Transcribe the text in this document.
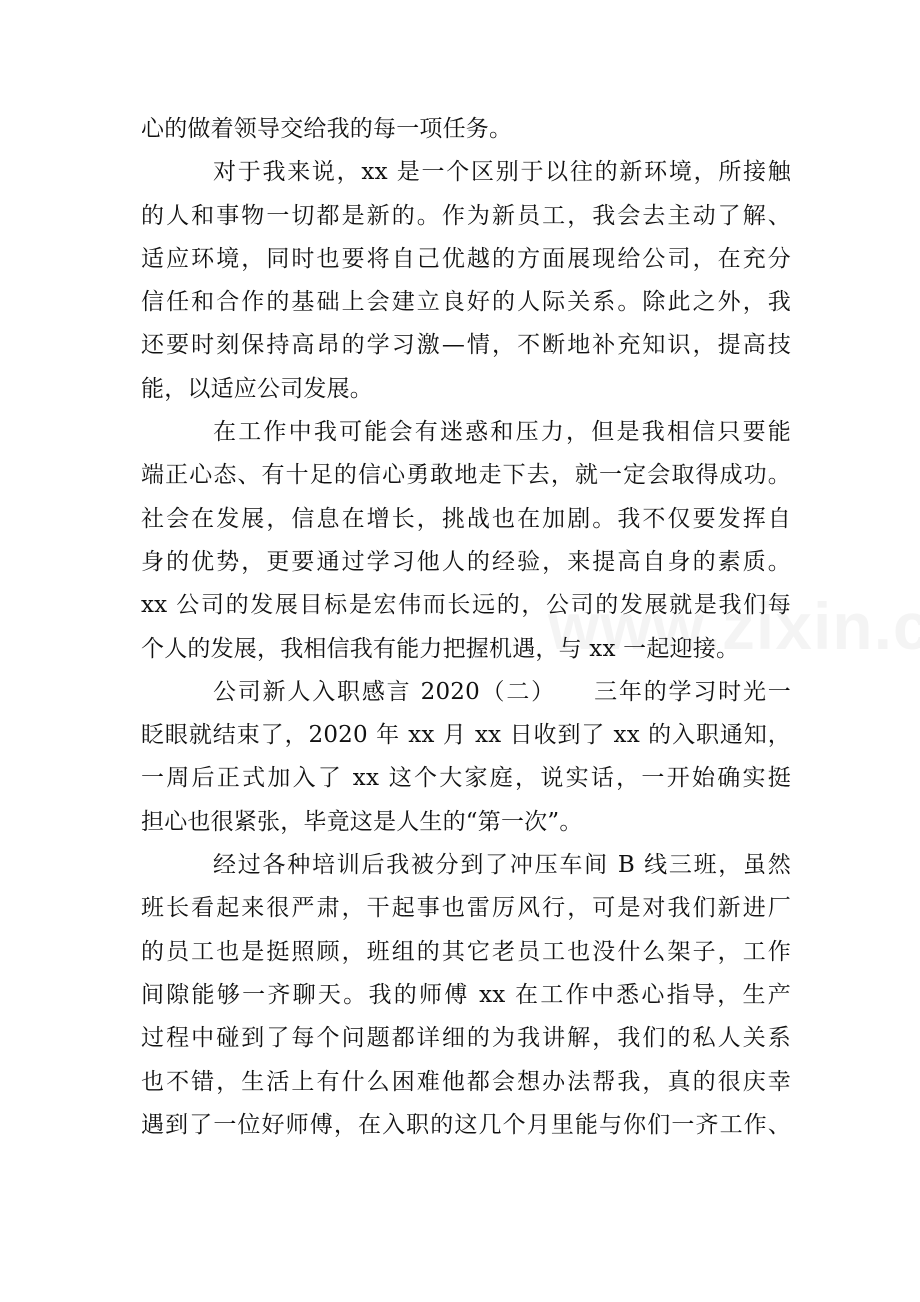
心的做着领导交给我的每一项任务。
对于我来说，xx 是一个区别于以往的新环境，所接触
的人和事物一切都是新的。作为新员工，我会去主动了解、
适应环境，同时也要将自己优越的方面展现给公司，在充分
信任和合作的基础上会建立良好的人际关系。除此之外，我
还要时刻保持高昂的学习激—情，不断地补充知识，提高技
能，以适应公司发展。
在工作中我可能会有迷惑和压力，但是我相信只要能
端正心态、有十足的信心勇敢地走下去，就一定会取得成功。
社会在发展，信息在增长，挑战也在加剧。我不仅要发挥自
身的优势，更要通过学习他人的经验，来提高自身的素质。
xx 公司的发展目标是宏伟而长远的，公司的发展就是我们每
个人的发展，我相信我有能力把握机遇，与 xx 一起迎接。
公司新人入职感言 2020（二）　　三年的学习时光一
眨眼就结束了，2020 年 xx 月 xx 日收到了 xx 的入职通知，
一周后正式加入了 xx 这个大家庭，说实话，一开始确实挺
担心也很紧张，毕竟这是人生的“第一次”。
经过各种培训后我被分到了冲压车间 B 线三班，虽然
班长看起来很严肃，干起事也雷厉风行，可是对我们新进厂
的员工也是挺照顾，班组的其它老员工也没什么架子，工作
间隙能够一齐聊天。我的师傅 xx 在工作中悉心指导，生产
过程中碰到了每个问题都详细的为我讲解，我们的私人关系
也不错，生活上有什么困难他都会想办法帮我，真的很庆幸
遇到了一位好师傅，在入职的这几个月里能与你们一齐工作、
